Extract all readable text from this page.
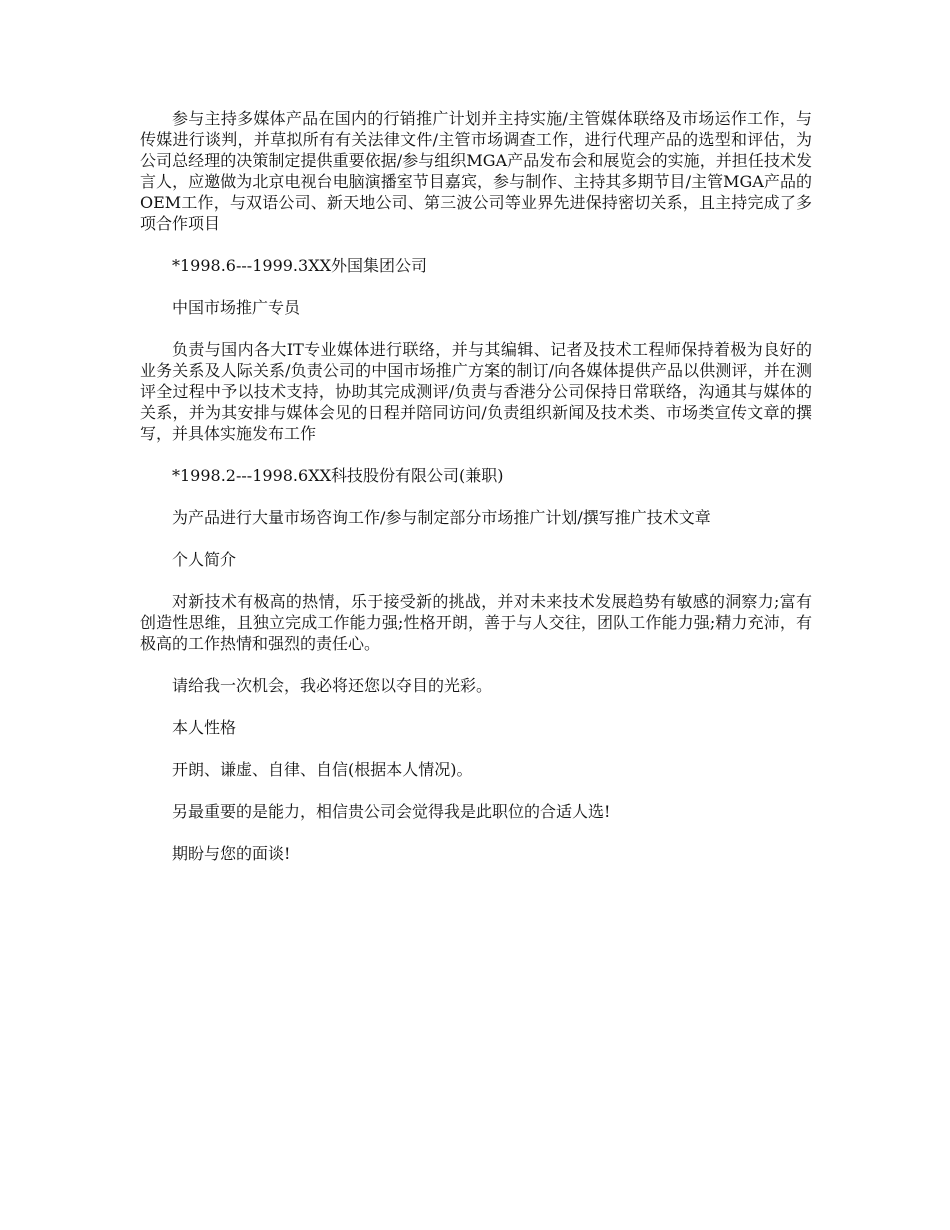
参与主持多媒体产品在国内的行销推广计划并主持实施/主管媒体联络及市场运作工作，与传媒进行谈判，并草拟所有有关法律文件/主管市场调查工作，进行代理产品的选型和评估，为公司总经理的决策制定提供重要依据/参与组织MGA产品发布会和展览会的实施，并担任技术发言人，应邀做为北京电视台电脑演播室节目嘉宾，参与制作、主持其多期节目/主管MGA产品的OEM工作，与双语公司、新天地公司、第三波公司等业界先进保持密切关系，且主持完成了多项合作项目

*1998.6---1999.3XX外国集团公司

中国市场推广专员

负责与国内各大IT专业媒体进行联络，并与其编辑、记者及技术工程师保持着极为良好的业务关系及人际关系/负责公司的中国市场推广方案的制订/向各媒体提供产品以供测评，并在测评全过程中予以技术支持，协助其完成测评/负责与香港分公司保持日常联络，沟通其与媒体的关系，并为其安排与媒体会见的日程并陪同访问/负责组织新闻及技术类、市场类宣传文章的撰写，并具体实施发布工作

*1998.2---1998.6XX科技股份有限公司(兼职)

为产品进行大量市场咨询工作/参与制定部分市场推广计划/撰写推广技术文章

个人简介

对新技术有极高的热情，乐于接受新的挑战，并对未来技术发展趋势有敏感的洞察力;富有创造性思维，且独立完成工作能力强;性格开朗，善于与人交往，团队工作能力强;精力充沛，有极高的工作热情和强烈的责任心。

请给我一次机会，我必将还您以夺目的光彩。

本人性格

开朗、谦虚、自律、自信(根据本人情况)。

另最重要的是能力，相信贵公司会觉得我是此职位的合适人选!

期盼与您的面谈!
